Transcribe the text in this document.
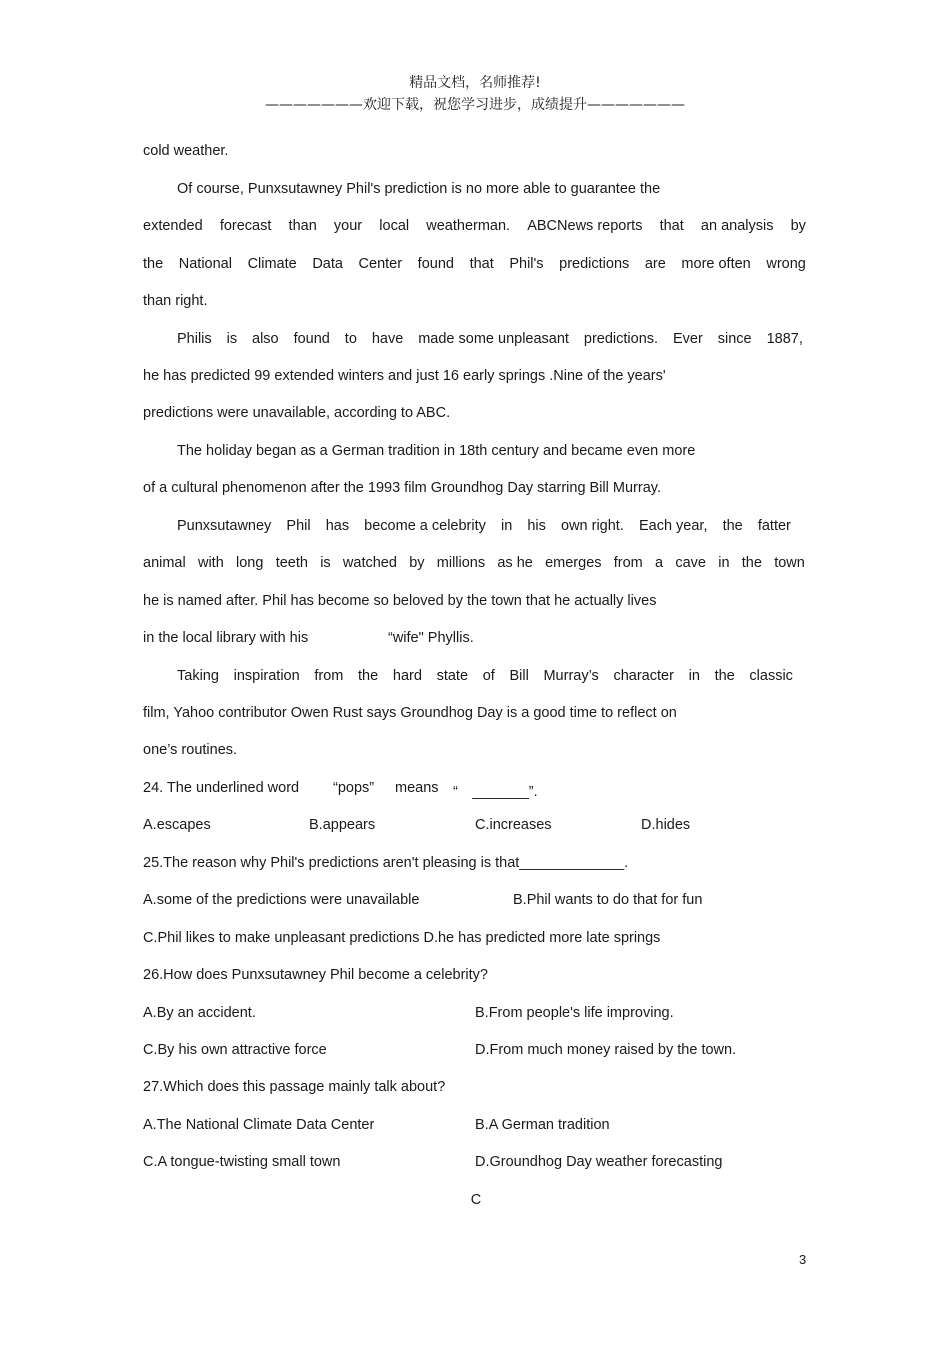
精品文档，名师推荐!
———————欢迎下载，祝您学习进步，成绩提升———————
cold weather.
Of course, Punxsutawney Phil's prediction is no more able to guarantee the
extended forecast than your local weatherman. ABCNews reports that an analysis by
the National Climate Data Center found that Phil's predictions are more often wrong
than right.
Philis is also found to have made some unpleasant predictions. Ever since 1887,
he has predicted 99 extended winters and just 16 early springs .Nine of the years'
predictions were unavailable, according to ABC.
The holiday began as a German tradition in 18th century and became even more
of a cultural phenomenon after the 1993 film Groundhog Day starring Bill Murray.
Punxsutawney Phil has become a celebrity in his own right. Each year, the fatter
animal with long teeth is watched by millions as he emerges from a cave in the town
he is named after. Phil has become so beloved by the town that he actually lives
in the local library with his	“wife" Phyllis.
Taking inspiration from the hard state of Bill Murray’s character in the classic
film, Yahoo contributor Owen Rust says Groundhog Day is a good time to reflect on
one’s routines.
24. The underlined word “pops” means “　_______”.
A.escapes	B.appears	C.increases	D.hides
25.The reason why Phil's predictions aren't pleasing is that_____________.
A.some of the predictions were unavailable	B.Phil wants to do that for fun
C.Phil likes to make unpleasant predictions D.he has predicted more late springs
26.How does Punxsutawney Phil become a celebrity?
A.By an accident.	B.From people's life improving.
C.By his own attractive force	D.From much money raised by the town.
27.Which does this passage mainly talk about?
A.The National Climate Data Center	B.A German tradition
C.A tongue-twisting small town	D.Groundhog Day weather forecasting
C
3
